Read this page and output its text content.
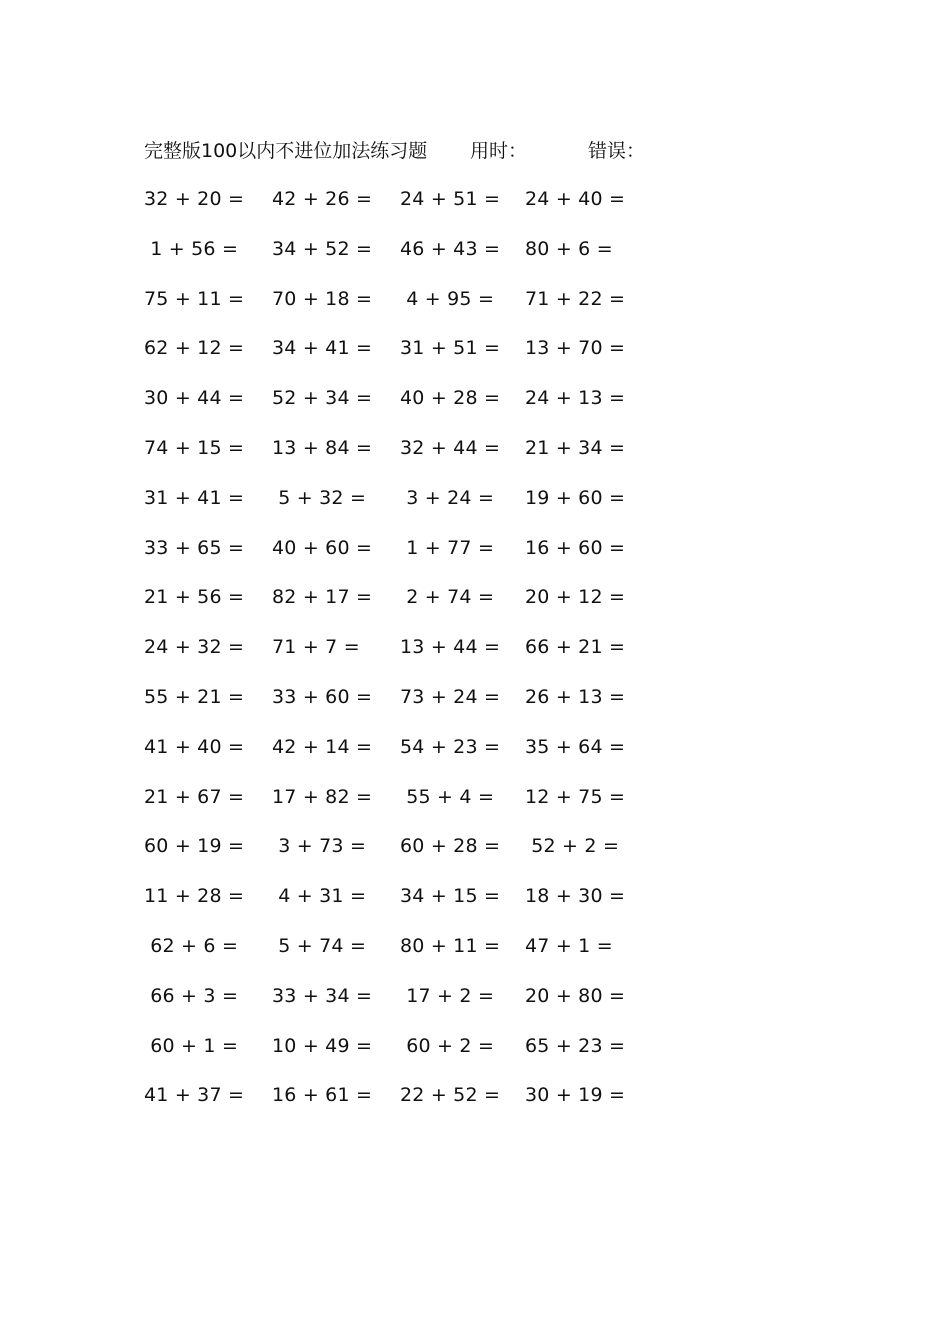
完整版100以内不进位加法练习题 用时：	错误：
32 + 20 = 42 + 26 = 24 + 51 = 24 + 40 =
1 + 56 = 34 + 52 = 46 + 43 = 80 + 6 =
75 + 11 = 70 + 18 = 4 + 95 = 71 + 22 =
62 + 12 = 34 + 41 = 31 + 51 = 13 + 70 =
30 + 44 = 52 + 34 = 40 + 28 = 24 + 13 =
74 + 15 = 13 + 84 = 32 + 44 = 21 + 34 =
31 + 41 = 5 + 32 = 3 + 24 = 19 + 60 =
33 + 65 = 40 + 60 = 1 + 77 = 16 + 60 =
21 + 56 = 82 + 17 = 2 + 74 = 20 + 12 =
24 + 32 = 71 + 7 = 13 + 44 = 66 + 21 =
55 + 21 = 33 + 60 = 73 + 24 = 26 + 13 =
41 + 40 = 42 + 14 = 54 + 23 = 35 + 64 =
21 + 67 = 17 + 82 = 55 + 4 = 12 + 75 =
60 + 19 = 3 + 73 = 60 + 28 = 52 + 2 =
11 + 28 = 4 + 31 = 34 + 15 = 18 + 30 =
62 + 6 = 5 + 74 = 80 + 11 = 47 + 1 =
66 + 3 = 33 + 34 = 17 + 2 = 20 + 80 =
60 + 1 = 10 + 49 = 60 + 2 = 65 + 23 =
41 + 37 = 16 + 61 = 22 + 52 = 30 + 19 =
